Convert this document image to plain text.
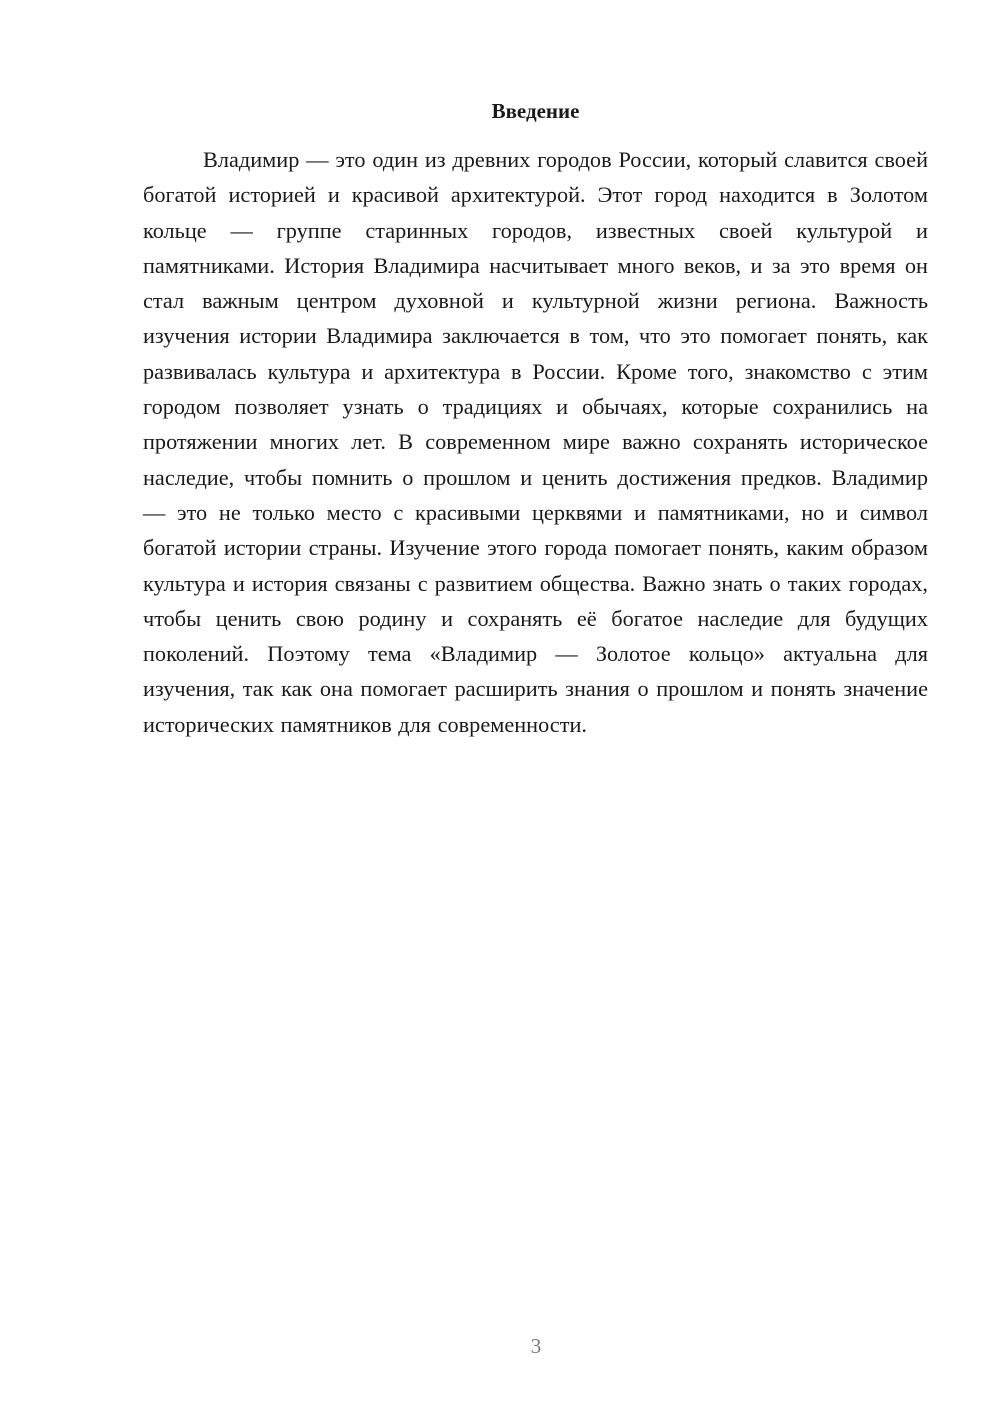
Введение

Владимир — это один из древних городов России, который славится своей богатой историей и красивой архитектурой. Этот город находится в Золотом кольце — группе старинных городов, известных своей культурой и памятниками. История Владимира насчитывает много веков, и за это время он стал важным центром духовной и культурной жизни региона. Важность изучения истории Владимира заключается в том, что это помогает понять, как развивалась культура и архитектура в России. Кроме того, знакомство с этим городом позволяет узнать о традициях и обычаях, которые сохранились на протяжении многих лет. В современном мире важно сохранять историческое наследие, чтобы помнить о прошлом и ценить достижения предков. Владимир — это не только место с красивыми церквями и памятниками, но и символ богатой истории страны. Изучение этого города помогает понять, каким образом культура и история связаны с развитием общества. Важно знать о таких городах, чтобы ценить свою родину и сохранять её богатое наследие для будущих поколений. Поэтому тема «Владимир — Золотое кольцо» актуальна для изучения, так как она помогает расширить знания о прошлом и понять значение исторических памятников для современности.

3
